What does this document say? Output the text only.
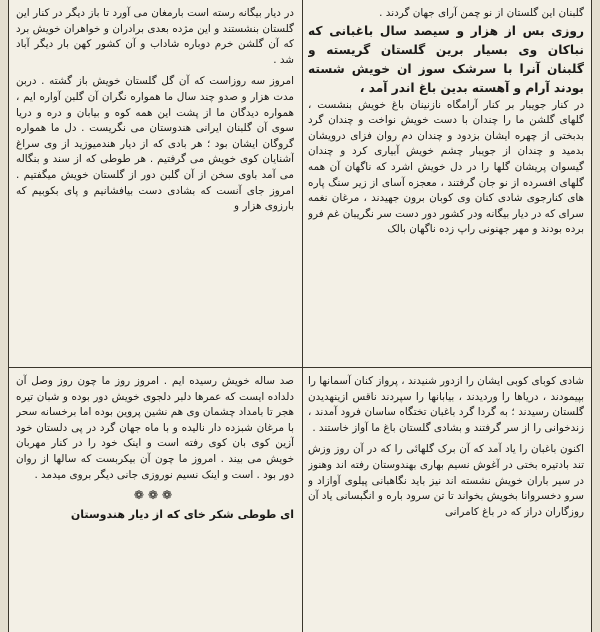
گلبنان این گلستان از نو چمن آرای جهان گردند .

روزی بس از هزار و سیصد سال باغبانی که نباکان وی بسیار برین گلستان گریسته و گلبنان آنرا با سرشک سوز ان خویش شسته بودند آرام و آهسته بدین باغ اندر آمد ،

در کنار جویبار بر کنار آرامگاه نازنینان باغ خویش بنشست ، گلهای گلشن ما را چندان با دست خویش نواخت و چندان گرد بدبختی از چهره ایشان بزدود و چندان دم روان فزای درویشان بدمید و چندان از جویبار چشم خویش آبیاری کرد و چندان گیسوان پریشان گلها را در دل خویش اشرد که ناگهان آن همه گلهای افسرده از نو جان گرفتند ، معجزه آسای از زیر سنگ پاره های کنارجوی شادی کنان وی کوبان برون جهیدند ، مرغان نغمه سرای که در دیار بیگانه ودر کشور دور دست سر نگریبان غم فرو برده بودند و مهر جهنونی راپ زده ناگهان بالک

در دیار بیگانه رسته است بارمغان می آورد تا باز دیگر در کنار این گلستان بنشستند و این مژده بعدی برادران و خواهران خویش برد که آن گلشن خرم دوباره شاداب و آن کشور کهن بار دیگر آباد شد .

امروز سه روزاست که آن گل گلستان خویش باز گشته . دربن مدت هزار و صدو چند سال ما همواره نگران آن گلبن آواره ایم ، همواره دیدگان ما از پشت این همه کوه و بیابان و دره و دریا سوی آن گلبنان ایرانی هندوستان می نگریست . دل ما همواره گروگان ایشان بود ؛ هر بادی که از دیار هندمیوزید از وی سراغ آشنایان کوی خویش می گرفتیم . هر طوطی که از سند و بنگاله می آمد باوی سخن از آن گلبن دور از گلستان خویش میگفتیم . امروز جای آنست که بشادی دست بیافشانیم و پای بکوبیم که بارزوی هزار و

شادی کوبای کوبی ایشان را ازدور شنیدند ، پرواز کنان آسمانها را بپیمودند ، دریاها را وردیدند ، بیابانها را سپردند ناقس ازینهدیدن گلستان رسیدند ؛ به گردا گرد باغبان تختگاه ساسان فرود آمدند ، زندخوانی را از سر گرفتند و بشادی گلستان باغ ما آواز خاستند .

اکنون باغبان را یاد آمد که آن برک گلهائی را که در آن روز وزش تند بادتیره بختی در آغوش نسیم بهاری بهندوستان رفته اند وهنوز در سیر باران خویش نشسته اند نیز باید نگاهبانی پیلوی آوازاد و سرو دخسروانا بخویش بخواند تا تن سرود باره و انگبسانی یاد آن روزگاران دراز که در باغ کامرانی

صد ساله خویش رسیده ایم . امروز روز ما چون روز وصل آن دلداده ایست که عمرها دلبر دلجوی خویش دور بوده و شبان تیره هجر تا بامداد چشمان وی هم نشین پروین بوده اما برخسانه سحر با مرغان شبزده دار نالیده و با ماه جهان گرد در پی دلستان خود آزین کوی بان کوی رفته است و اینک خود را در کنار مهربان خویش می بیند . امروز ما چون آن بیکربست که سالها از روان دور بود . است و اینک نسیم نوروزی جانی دیگر بروی میدمد .

❁❁❁

ای طوطی شکر خای که از دیار هندوستان
